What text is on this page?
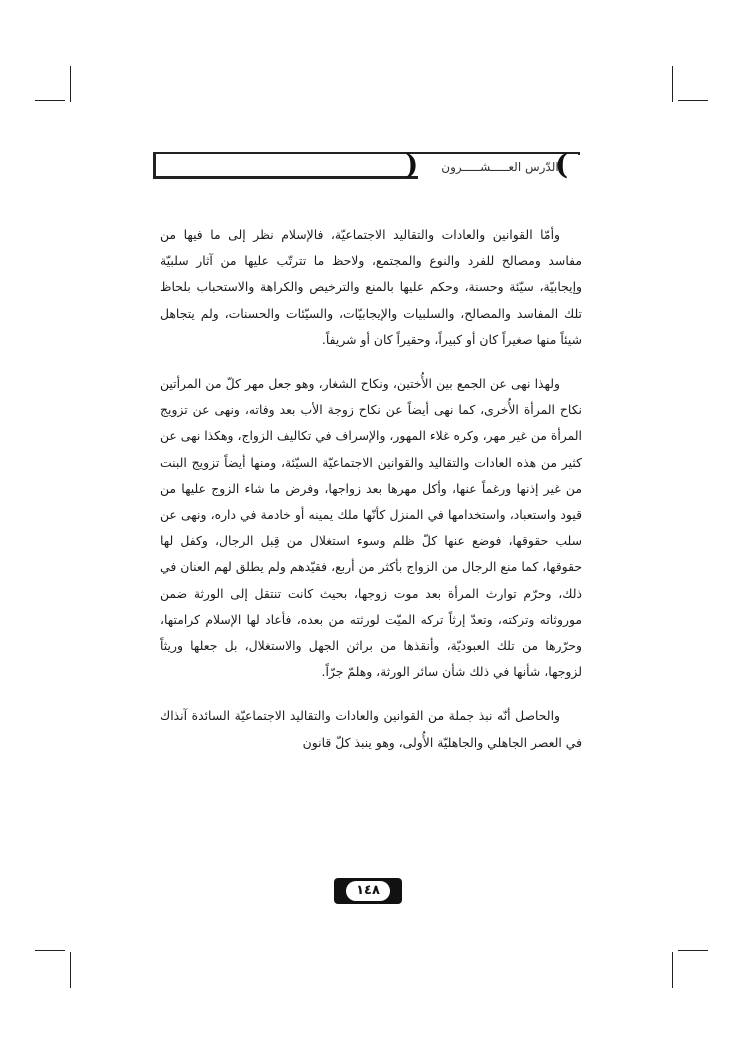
الدّرس العـــــشـــــرون
(
)

وأمّا القوانين والعادات والتقاليد الاجتماعيّة، فالإسلام نظر إلى ما فيها من مفاسد ومصالح للفرد والنوع والمجتمع، ولاحظ ما تترتّب عليها من آثار سلبيّة وإيجابيّة، سيّئة وحسنة، وحكم عليها بالمنع والترخيص والكراهة والاستحباب بلحاظ تلك المفاسد والمصالح، والسلبيات والإيجابيّات، والسيّئات والحسنات، ولم يتجاهل شيئاً منها صغيراً كان أو كبيراً، وحقيراً كان أو شريفاً.

ولهذا نهى عن الجمع بين الأُختين، ونكاح الشغار، وهو جعل مهر كلّ من المرأتين نكاح المرأة الأُخرى، كما نهى أيضاً عن نكاح زوجة الأب بعد وفاته، ونهى عن تزويج المرأة من غير مهر، وكره غلاء المهور، والإسراف في تكاليف الزواج، وهكذا نهى عن كثير من هذه العادات والتقاليد والقوانين الاجتماعيّة السيّئة، ومنها أيضاً تزويج البنت من غير إذنها ورغماً عنها، وأكل مهرها بعد زواجها، وفرض ما شاء الزوج عليها من قيود واستعباد، واستخدامها في المنزل كأنّها ملك يمينه أو خادمة في داره، ونهى عن سلب حقوقها، فوضع عنها كلّ ظلم وسوء استغلال من قِبل الرجال، وكفل لها حقوقها، كما منع الرجال من الزواج بأكثر من أربع، فقيّدهم ولم يطلق لهم العنان في ذلك، وحرّم توارث المرأة بعد موت زوجها، بحيث كانت تنتقل إلى الورثة ضمن موروثاته وتركته، وتعدّ إرثاً تركه الميّت لورثته من بعده، فأعاد لها الإسلام كرامتها، وحرّرها من تلك العبوديّة، وأنقذها من براثن الجهل والاستغلال، بل جعلها وريثاً لزوجها، شأنها في ذلك شأن سائر الورثة، وهلمّ جرّاً.

والحاصل أنّه نبذ جملة من القوانين والعادات والتقاليد الاجتماعيّة السائدة آنذاك في العصر الجاهلي والجاهليّة الأُولى، وهو ينبذ كلّ قانون

١٤٨
